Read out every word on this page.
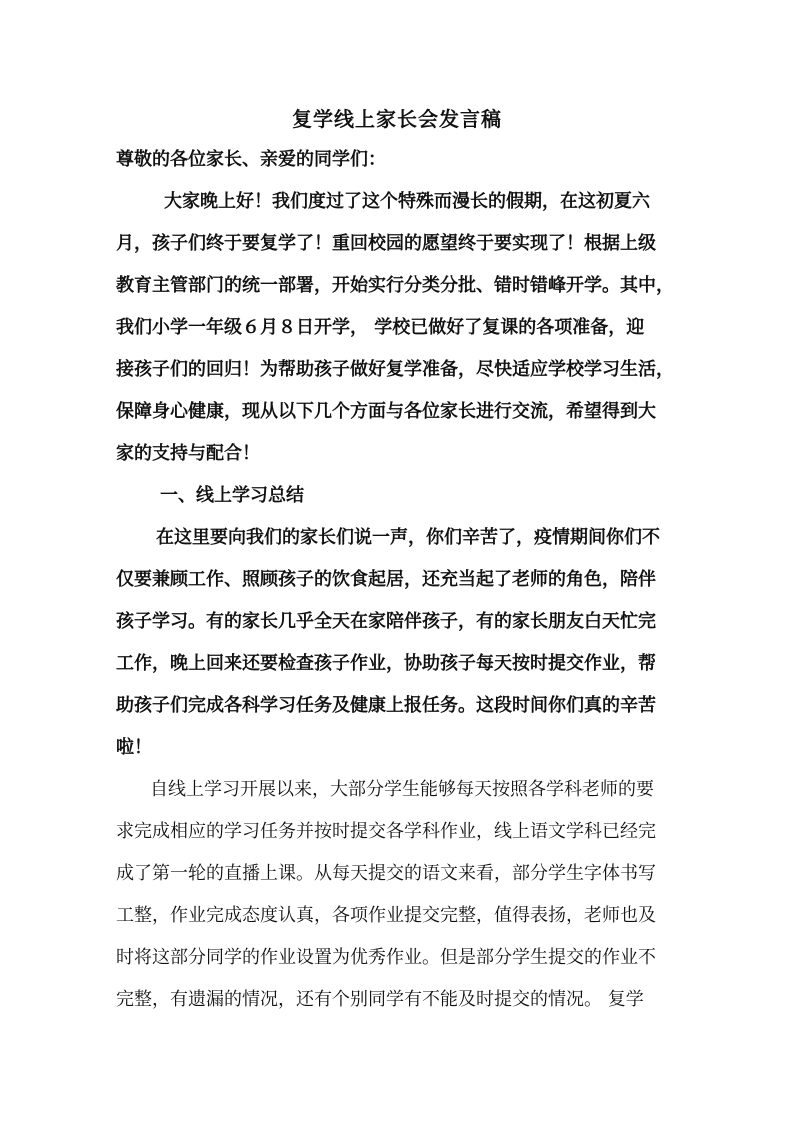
复学线上家长会发言稿
尊敬的各位家长、亲爱的同学们：
大家晚上好！我们度过了这个特殊而漫长的假期，在这初夏六
月，孩子们终于要复学了！重回校园的愿望终于要实现了！根据上级
教育主管部门的统一部署，开始实行分类分批、错时错峰开学。其中，
我们小学一年级６月８日开学， 学校已做好了复课的各项准备，迎
接孩子们的回归！为帮助孩子做好复学准备，尽快适应学校学习生活，
保障身心健康，现从以下几个方面与各位家长进行交流，希望得到大
家的支持与配合！
一、线上学习总结
在这里要向我们的家长们说一声，你们辛苦了，疫情期间你们不
仅要兼顾工作、照顾孩子的饮食起居，还充当起了老师的角色，陪伴
孩子学习。有的家长几乎全天在家陪伴孩子，有的家长朋友白天忙完
工作，晚上回来还要检查孩子作业，协助孩子每天按时提交作业，帮
助孩子们完成各科学习任务及健康上报任务。这段时间你们真的辛苦
啦！
自线上学习开展以来，大部分学生能够每天按照各学科老师的要
求完成相应的学习任务并按时提交各学科作业，线上语文学科已经完
成了第一轮的直播上课。从每天提交的语文来看，部分学生字体书写
工整，作业完成态度认真，各项作业提交完整，值得表扬，老师也及
时将这部分同学的作业设置为优秀作业。但是部分学生提交的作业不
完整，有遗漏的情况，还有个别同学有不能及时提交的情况。 复学
